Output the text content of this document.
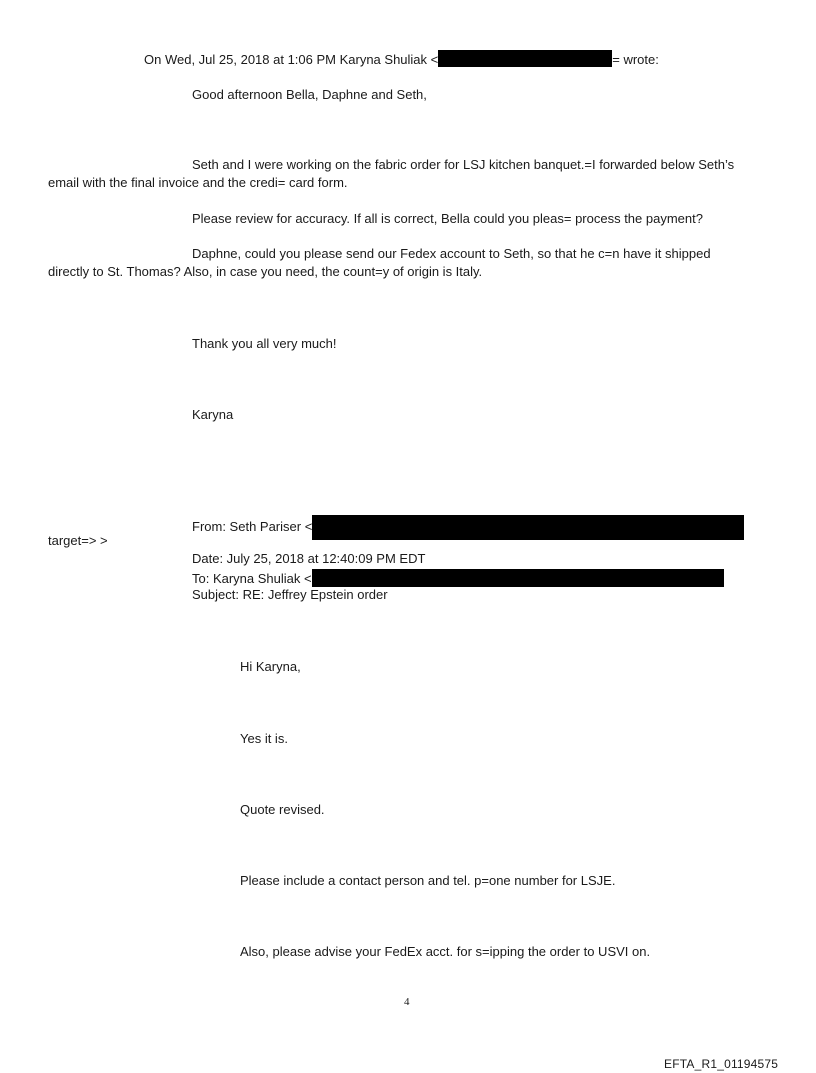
On Wed, Jul 25, 2018 at 1:06 PM Karyna Shuliak <	= wrote:
Good afternoon Bella, Daphne and Seth,
Seth and I were working on the fabric order for LSJ kitchen banquet.=I forwarded below Seth’s
email with the final invoice and the credi= card form.
Please review for accuracy. If all is correct, Bella could you pleas= process the payment?
Daphne, could you please send our Fedex account to Seth, so that he c=n have it shipped
directly to St. Thomas? Also, in case you need, the count=y of origin is Italy.
Thank you all very much!
Karyna
From: Seth Pariser <
target=> >
Date: July 25, 2018 at 12:40:09 PM EDT
To: Karyna Shuliak <
Subject: RE: Jeffrey Epstein order
Hi Karyna,
Yes it is.
Quote revised.
Please include a contact person and tel. p=one number for LSJE.
Also, please advise your FedEx acct. for s=ipping the order to USVI on.
4
EFTA_R1_01194575
